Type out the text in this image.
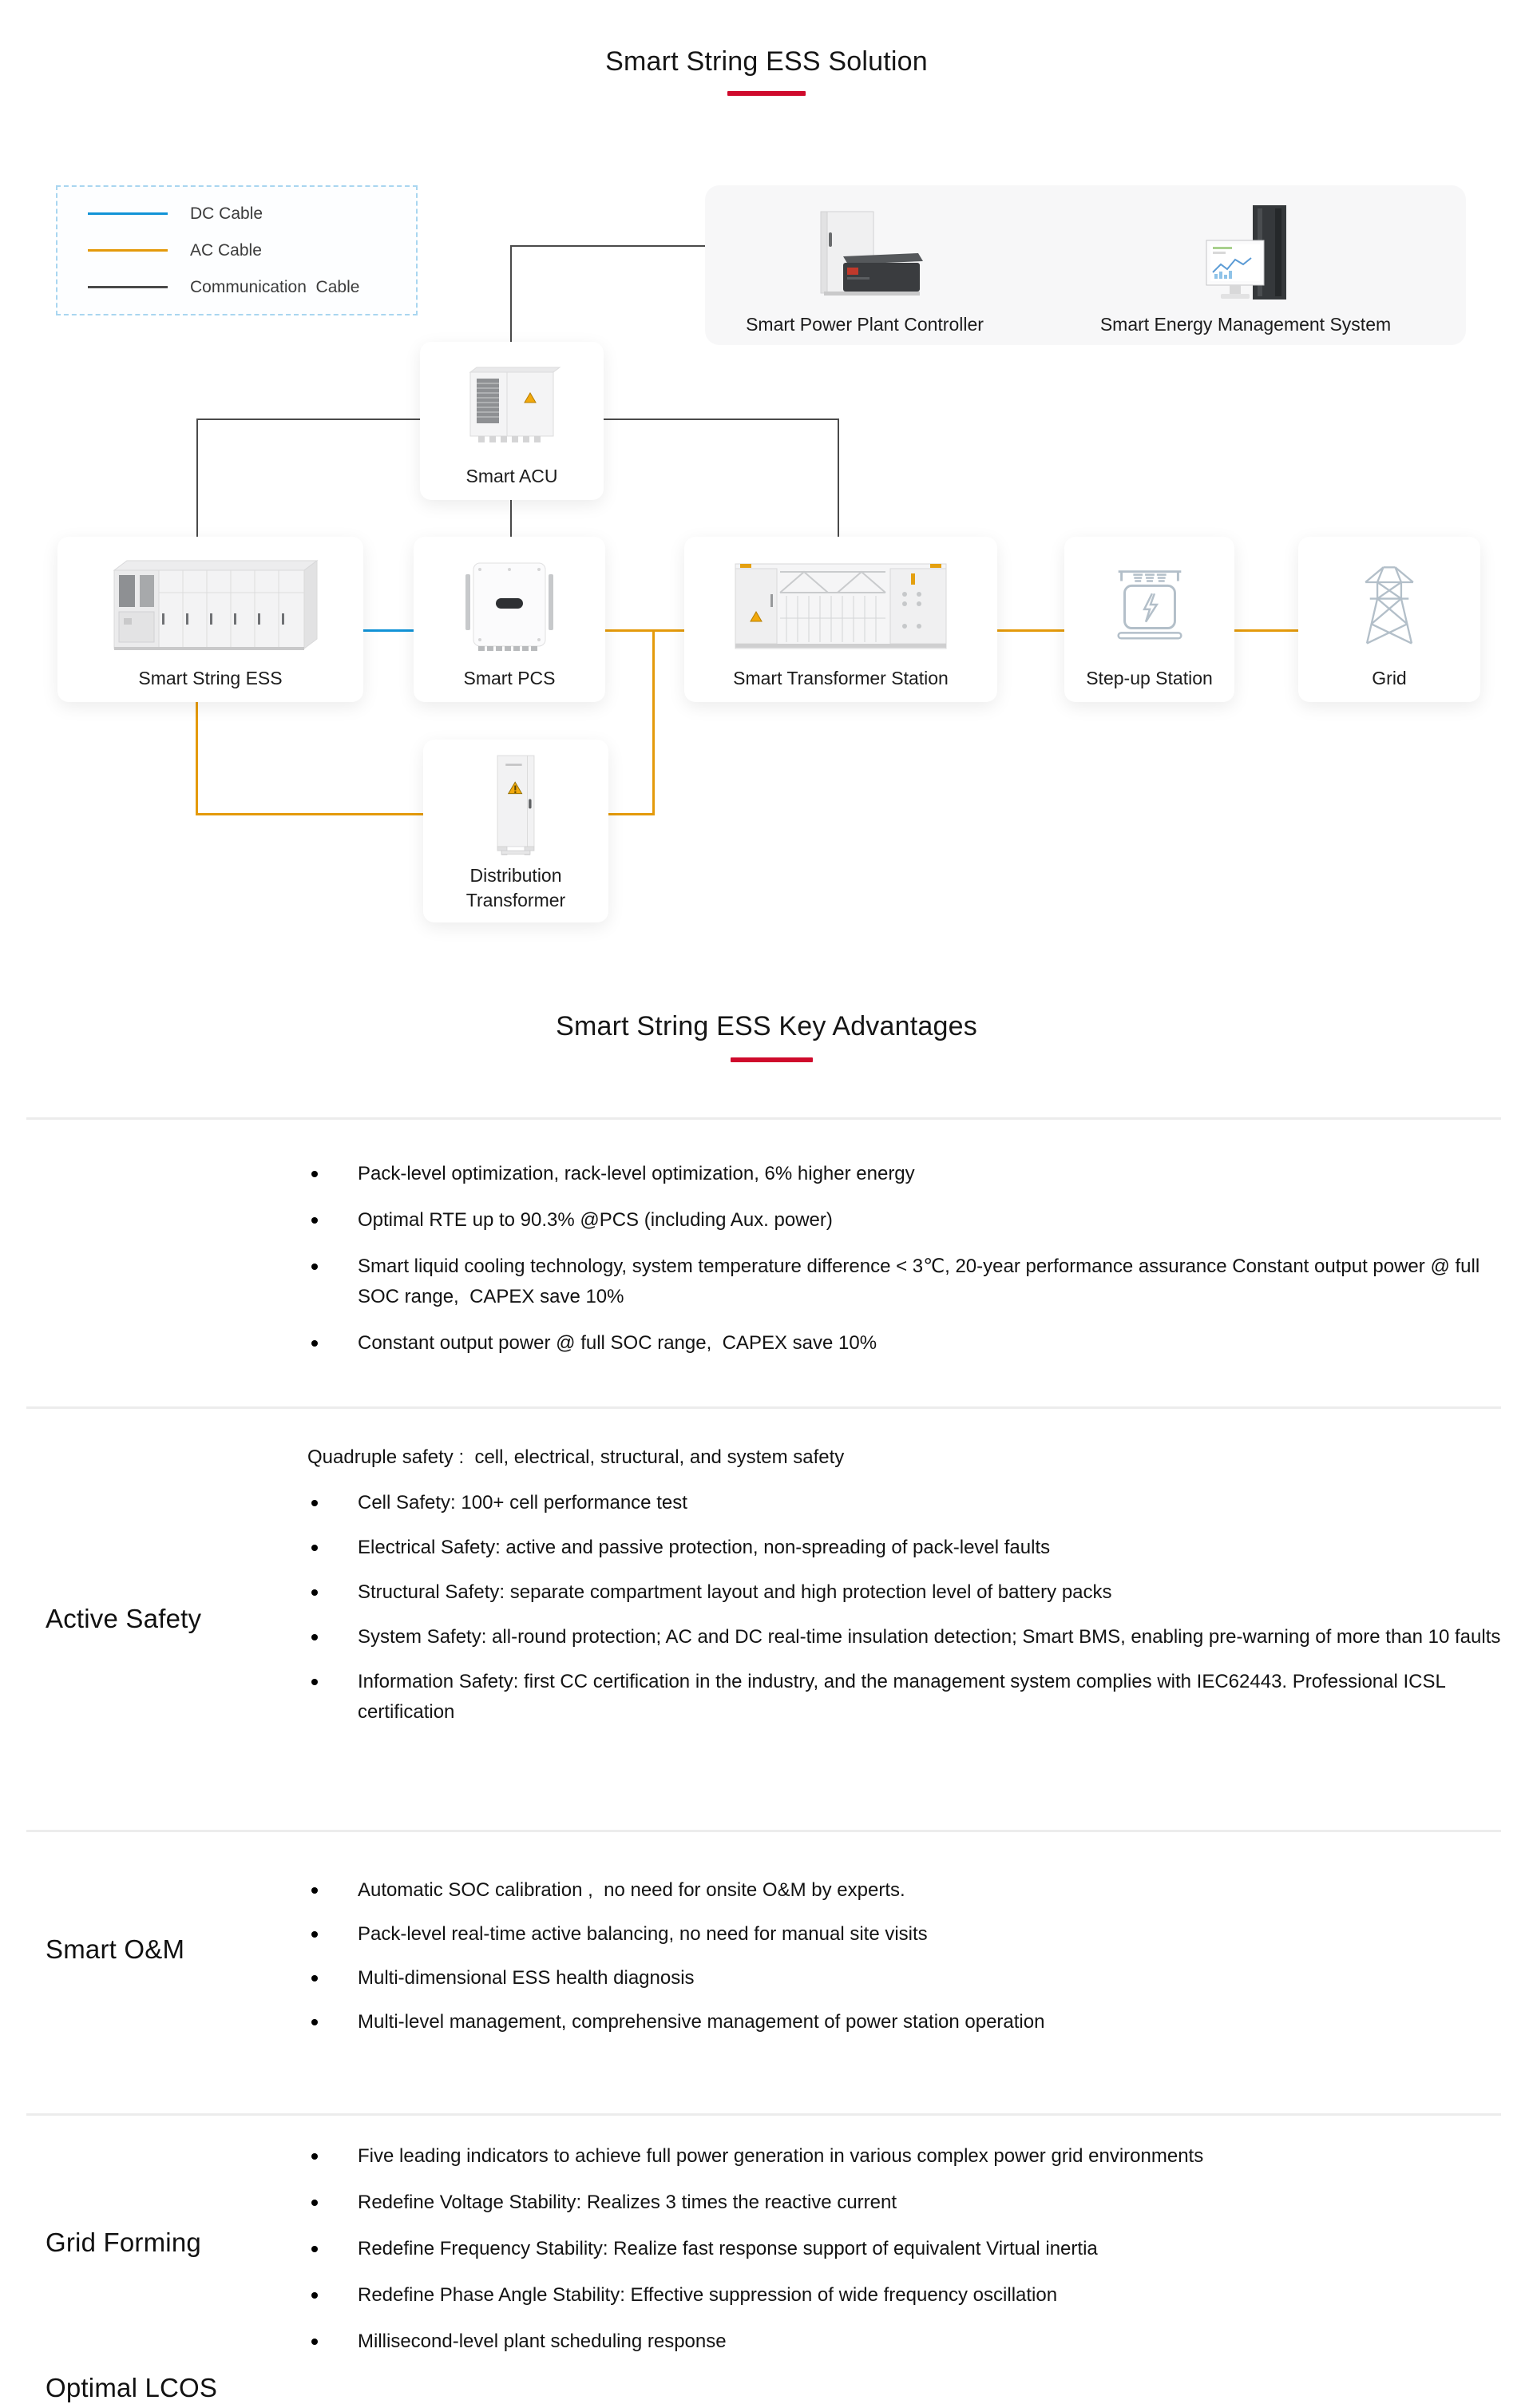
Smart String ESS Solution
DC Cable
AC Cable
Communication  Cable
Smart Power Plant Controller	Smart Energy Management System
Smart ACU
Smart String ESS	Smart PCS	Smart Transformer Station	Step-up Station	Grid
Distribution Transformer
Smart String ESS Key Advantages
Optimal LCOS
Pack-level optimization, rack-level optimization, 6% higher energy
Optimal RTE up to 90.3% @PCS (including Aux. power)
Smart liquid cooling technology, system temperature difference < 3℃, 20-year performance assurance Constant output power @ full SOC range,  CAPEX save 10%
Constant output power @ full SOC range,  CAPEX save 10%
Active Safety
Quadruple safety :  cell, electrical, structural, and system safety
Cell Safety: 100+ cell performance test
Electrical Safety: active and passive protection, non-spreading of pack-level faults
Structural Safety: separate compartment layout and high protection level of battery packs
System Safety: all-round protection; AC and DC real-time insulation detection; Smart BMS, enabling pre-warning of more than 10 faults
Information Safety: first CC certification in the industry, and the management system complies with IEC62443. Professional ICSL certification
Smart O&M
Automatic SOC calibration ,  no need for onsite O&M by experts.
Pack-level real-time active balancing, no need for manual site visits
Multi-dimensional ESS health diagnosis
Multi-level management, comprehensive management of power station operation
Grid Forming
Five leading indicators to achieve full power generation in various complex power grid environments
Redefine Voltage Stability: Realizes 3 times the reactive current
Redefine Frequency Stability: Realize fast response support of equivalent Virtual inertia
Redefine Phase Angle Stability: Effective suppression of wide frequency oscillation
Millisecond-level plant scheduling response
